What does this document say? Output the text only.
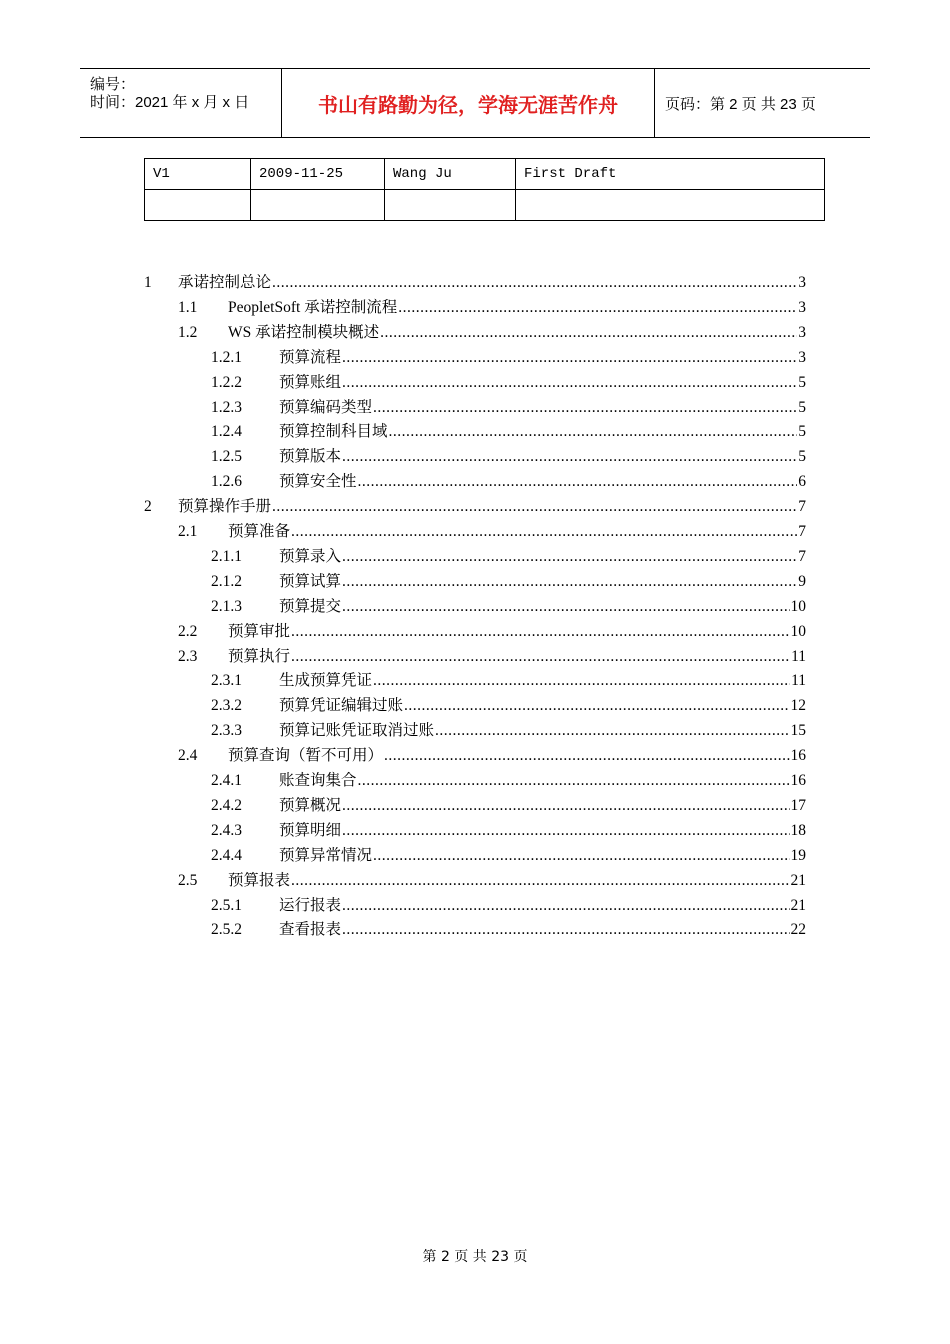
编号：
时间：2021 年 x 月 x 日	书山有路勤为径，学海无涯苦作舟	页码：第 2 页 共 23 页
V1	2009-11-25	Wang Ju	First Draft

1	承诺控制总论 .....	3
1.1	PeopletSoft 承诺控制流程 .....	3
1.2	WS 承诺控制模块概述 .....	3
1.2.1	预算流程 .....	3
1.2.2	预算账组 .....	5
1.2.3	预算编码类型 .....	5
1.2.4	预算控制科目域 .....	5
1.2.5	预算版本 .....	5
1.2.6	预算安全性 .....	6
2	预算操作手册 .....	7
2.1	预算准备 .....	7
2.1.1	预算录入 .....	7
2.1.2	预算试算 .....	9
2.1.3	预算提交 .....	10
2.2	预算审批 .....	10
2.3	预算执行 .....	11
2.3.1	生成预算凭证 .....	11
2.3.2	预算凭证编辑过账 .....	12
2.3.3	预算记账凭证取消过账 .....	15
2.4	预算查询（暂不可用） .....	16
2.4.1	账查询集合 .....	16
2.4.2	预算概况 .....	17
2.4.3	预算明细 .....	18
2.4.4	预算异常情况 .....	19
2.5	预算报表 .....	21
2.5.1	运行报表 .....	21
2.5.2	查看报表 .....	22
第 2 页 共 23 页
